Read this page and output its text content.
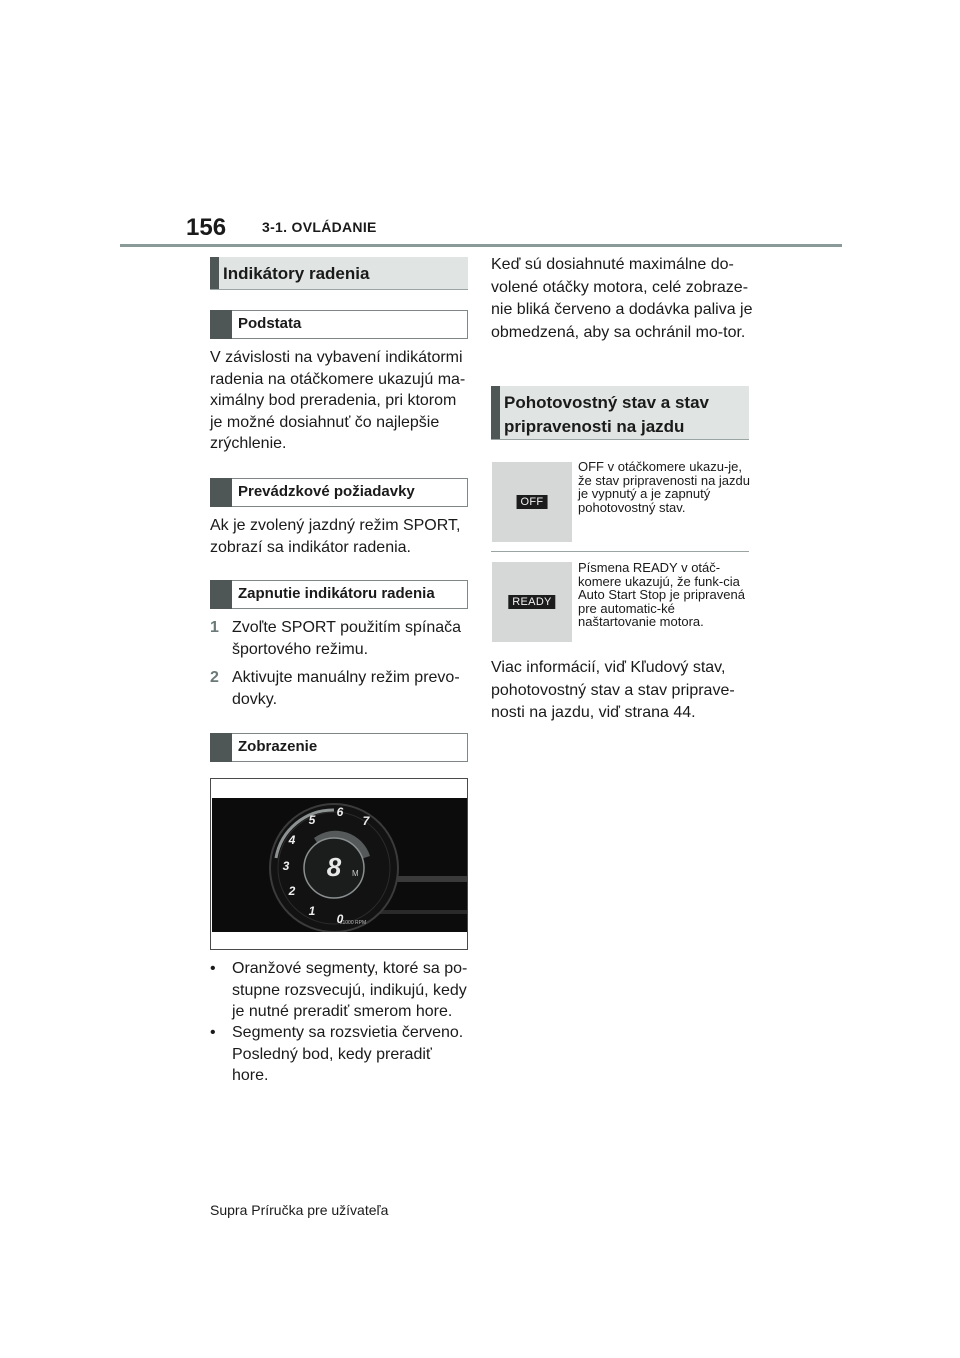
156	3-1. OVLÁDANIE
Indikátory radenia
Podstata
V závislosti na vybavení indikátormi radenia na otáčkomere ukazujú ma-ximálny bod preradenia, pri ktorom je možné dosiahnuť čo najlepšie zrýchlenie.
Prevádzkové požiadavky
Ak je zvolený jazdný režim SPORT, zobrazí sa indikátor radenia.
Zapnutie indikátoru radenia
1 Zvoľte SPORT použitím spínača športového režimu.
2 Aktivujte manuálny režim prevo-dovky.
Zobrazenie
8 M
x1000 RPM
0
1
2
3
4
5
6
7
• Oranžové segmenty, ktoré sa po-stupne rozsvecujú, indikujú, kedy je nutné preradiť smerom hore.
• Segmenty sa rozsvietia červeno. Posledný bod, kedy preradiť hore.
Keď sú dosiahnuté maximálne do-volené otáčky motora, celé zobraze-nie bliká červeno a dodávka paliva je obmedzená, aby sa ochránil mo-tor.
Pohotovostný stav a stav pripravenosti na jazdu
OFF
OFF v otáčkomere ukazu-je, že stav pripravenosti na jazdu je vypnutý a je zapnutý pohotovostný stav.
READY
Písmena READY v otáč-komere ukazujú, že funk-cia Auto Start Stop je pripravená pre automatic-ké naštartovanie motora.
Viac informácií, viď Kľudový stav, pohotovostný stav a stav priprave-nosti na jazdu, viď strana 44.
Supra Príručka pre užívateľa
